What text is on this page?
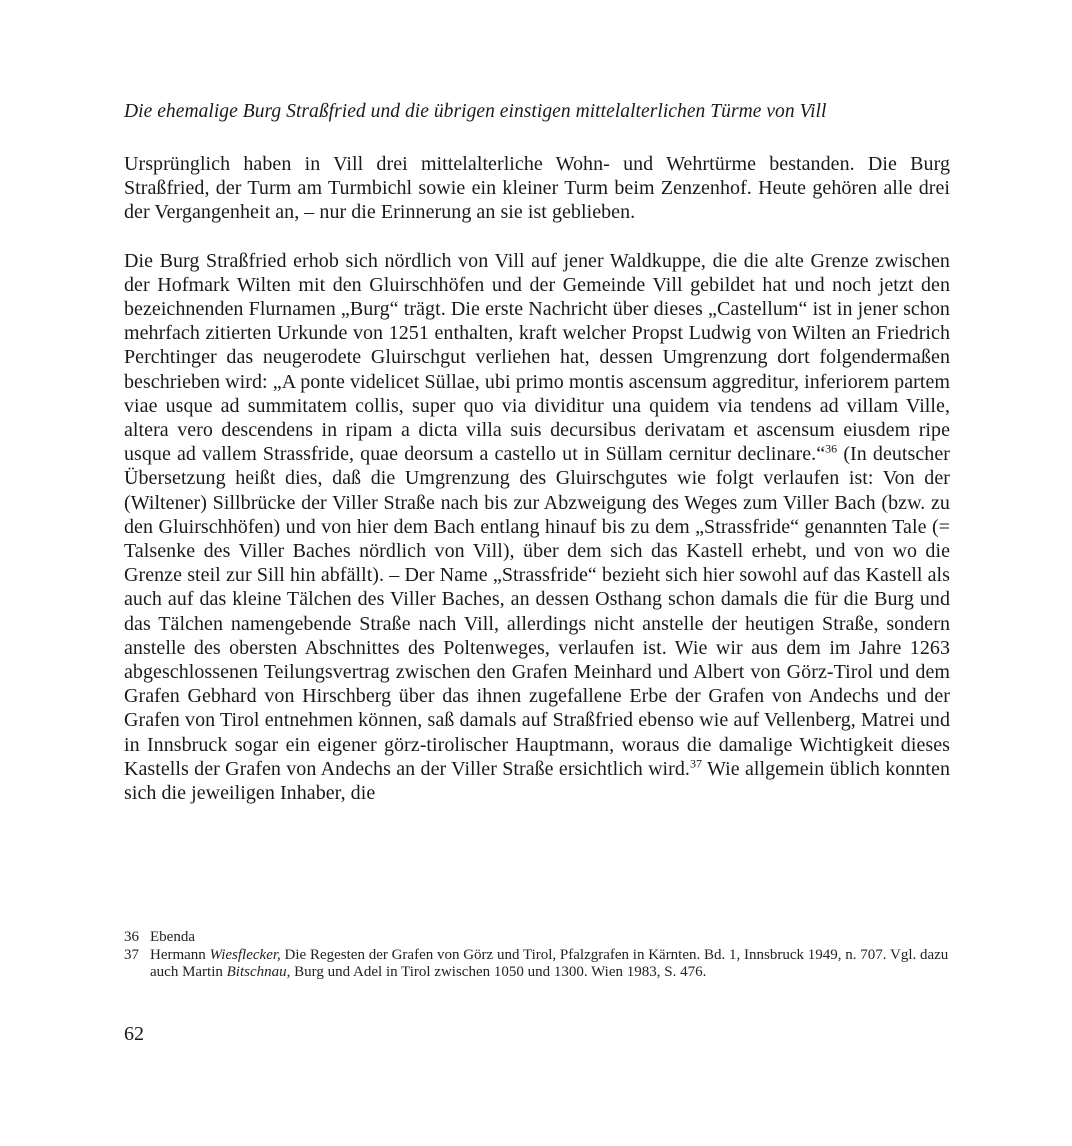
Die ehemalige Burg Straßfried und die übrigen einstigen mittelalterlichen Türme von Vill

Ursprünglich haben in Vill drei mittelalterliche Wohn- und Wehrtürme bestanden. Die Burg Straßfried, der Turm am Turmbichl sowie ein kleiner Turm beim Zenzenhof. Heute gehören alle drei der Vergangenheit an, – nur die Erinnerung an sie ist geblieben.

Die Burg Straßfried erhob sich nördlich von Vill auf jener Waldkuppe, die die alte Grenze zwischen der Hofmark Wilten mit den Gluirschhöfen und der Gemeinde Vill gebildet hat und noch jetzt den bezeichnenden Flurnamen „Burg“ trägt. Die erste Nachricht über dieses „Castellum“ ist in jener schon mehrfach zitierten Urkunde von 1251 enthalten, kraft welcher Propst Ludwig von Wilten an Friedrich Perchtinger das neugerodete Gluirschgut verliehen hat, dessen Umgrenzung dort folgendermaßen beschrieben wird: „A ponte videlicet Süllae, ubi primo montis ascensum aggreditur, inferiorem partem viae usque ad summitatem collis, super quo via dividitur una quidem via tendens ad villam Ville, altera vero descendens in ripam a dicta villa suis decursibus derivatam et ascensum eiusdem ripe usque ad vallem Strassfride, quae deorsum a castello ut in Süllam cernitur declinare.“$^{36}$ (In deutscher Übersetzung heißt dies, daß die Umgrenzung des Gluirschgutes wie folgt verlaufen ist: Von der (Wiltener) Sillbrücke der Viller Straße nach bis zur Abzweigung des Weges zum Viller Bach (bzw. zu den Gluirschhöfen) und von hier dem Bach entlang hinauf bis zu dem „Strassfride“ genannten Tale (= Talsenke des Viller Baches nördlich von Vill), über dem sich das Kastell erhebt, und von wo die Grenze steil zur Sill hin abfällt). – Der Name „Strassfride“ bezieht sich hier sowohl auf das Kastell als auch auf das kleine Tälchen des Viller Baches, an dessen Osthang schon damals die für die Burg und das Tälchen namengebende Straße nach Vill, allerdings nicht anstelle der heutigen Straße, sondern anstelle des obersten Abschnittes des Poltenweges, verlaufen ist. Wie wir aus dem im Jahre 1263 abgeschlossenen Teilungsvertrag zwischen den Grafen Meinhard und Albert von Görz-Tirol und dem Grafen Gebhard von Hirschberg über das ihnen zugefallene Erbe der Grafen von Andechs und der Grafen von Tirol entnehmen können, saß damals auf Straßfried ebenso wie auf Vellenberg, Matrei und in Innsbruck sogar ein eigener görz-tirolischer Hauptmann, woraus die damalige Wichtigkeit dieses Kastells der Grafen von Andechs an der Viller Straße ersichtlich wird.$^{37}$ Wie allgemein üblich konnten sich die jeweiligen Inhaber, die

36 Ebenda
37 Hermann Wiesflecker, Die Regesten der Grafen von Görz und Tirol, Pfalzgrafen in Kärnten. Bd. 1, Innsbruck 1949, n. 707. Vgl. dazu auch Martin Bitschnau, Burg und Adel in Tirol zwischen 1050 und 1300. Wien 1983, S. 476.
62
